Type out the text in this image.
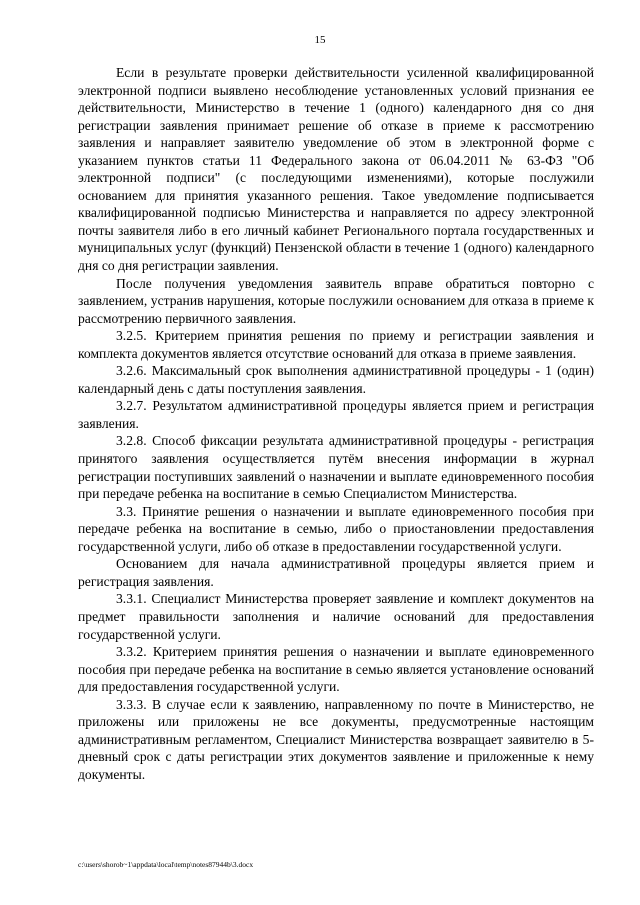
15

Если в результате проверки действительности усиленной квалифицированной электронной подписи выявлено несоблюдение установленных условий признания ее действительности, Министерство в течение 1 (одного) календарного дня со дня регистрации заявления принимает решение об отказе в приеме к рассмотрению заявления и направляет заявителю уведомление об этом в электронной форме с указанием пунктов статьи 11 Федерального закона от 06.04.2011 № 63-ФЗ "Об электронной подписи" (с последующими изменениями), которые послужили основанием для принятия указанного решения. Такое уведомление подписывается квалифицированной подписью Министерства и направляется по адресу электронной почты заявителя либо в его личный кабинет Регионального портала государственных и муниципальных услуг (функций) Пензенской области в течение 1 (одного) календарного дня со дня регистрации заявления.

После получения уведомления заявитель вправе обратиться повторно с заявлением, устранив нарушения, которые послужили основанием для отказа в приеме к рассмотрению первичного заявления.

3.2.5. Критерием принятия решения по приему и регистрации заявления и комплекта документов является отсутствие оснований для отказа в приеме заявления.

3.2.6. Максимальный срок выполнения административной процедуры - 1 (один) календарный день с даты поступления заявления.

3.2.7. Результатом административной процедуры является прием и регистрация заявления.

3.2.8. Способ фиксации результата административной процедуры - регистрация принятого заявления осуществляется путём внесения информации в журнал регистрации поступивших заявлений о назначении и выплате единовременного пособия при передаче ребенка на воспитание в семью Специалистом Министерства.

3.3. Принятие решения о назначении и выплате единовременного пособия при передаче ребенка на воспитание в семью, либо о приостановлении предоставления государственной услуги, либо об отказе в предоставлении государственной услуги.

Основанием для начала административной процедуры является прием и регистрация заявления.

3.3.1. Специалист Министерства проверяет заявление и комплект документов на предмет правильности заполнения и наличие оснований для предоставления государственной услуги.

3.3.2. Критерием принятия решения о назначении и выплате единовременного пособия при передаче ребенка на воспитание в семью является установление оснований для предоставления государственной услуги.

3.3.3. В случае если к заявлению, направленному по почте в Министерство, не приложены или приложены не все документы, предусмотренные настоящим административным регламентом, Специалист Министерства возвращает заявителю в 5-дневный срок с даты регистрации этих документов заявление и приложенные к нему документы.

c:\users\shorob~1\appdata\local\temp\notes87944b\3.docx
